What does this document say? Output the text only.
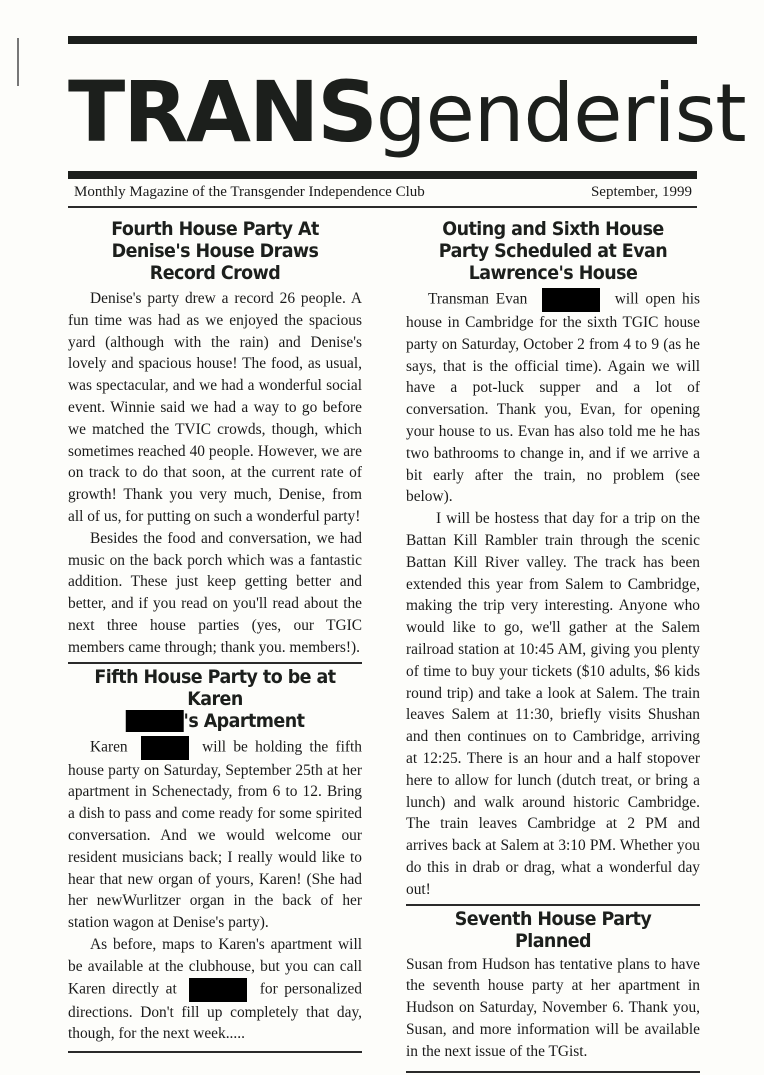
TRANSgenderist
Monthly Magazine of the Transgender Independence Club	September, 1999
Fourth House Party At Denise's House Draws Record Crowd

Denise's party drew a record 26 people. A fun time was had as we enjoyed the spacious yard (although with the rain) and Denise's lovely and spacious house! The food, as usual, was spectacular, and we had a wonderful social event. Winnie said we had a way to go before we matched the TVIC crowds, though, which sometimes reached 40 people. However, we are on track to do that soon, at the current rate of growth! Thank you very much, Denise, from all of us, for putting on such a wonderful party!

Besides the food and conversation, we had music on the back porch which was a fantastic addition. These just keep getting better and better, and if you read on you'll read about the next three house parties (yes, our TGIC members came through; thank you. members!).

Fifth House Party to be at Karen
's Apartment

Karen	will be holding the fifth house party on Saturday, September 25th at her apartment in Schenectady, from 6 to 12. Bring a dish to pass and come ready for some spirited conversation. And we would welcome our resident musicians back; I really would like to hear that new organ of yours, Karen! (She had her newWurlitzer organ in the back of her station wagon at Denise's party).

As before, maps to Karen's apartment will be available at the clubhouse, but you can call Karen directly at	for personalized directions. Don't fill up completely that day, though, for the next week.....

Outing and Sixth House Party Scheduled at Evan Lawrence's House

Transman Evan	will open his house in Cambridge for the sixth TGIC house party on Saturday, October 2 from 4 to 9 (as he says, that is the official time). Again we will have a pot-luck supper and a lot of conversation. Thank you, Evan, for opening your house to us. Evan has also told me he has two bathrooms to change in, and if we arrive a bit early after the train, no problem (see below).

I will be hostess that day for a trip on the Battan Kill Rambler train through the scenic Battan Kill River valley. The track has been extended this year from Salem to Cambridge, making the trip very interesting. Anyone who would like to go, we'll gather at the Salem railroad station at 10:45 AM, giving you plenty of time to buy your tickets ($10 adults, $6 kids round trip) and take a look at Salem. The train leaves Salem at 11:30, briefly visits Shushan and then continues on to Cambridge, arriving at 12:25. There is an hour and a half stopover here to allow for lunch (dutch treat, or bring a lunch) and walk around historic Cambridge. The train leaves Cambridge at 2 PM and arrives back at Salem at 3:10 PM. Whether you do this in drab or drag, what a wonderful day out!

Seventh House Party Planned

Susan from Hudson has tentative plans to have the seventh house party at her apartment in Hudson on Saturday, November 6. Thank you, Susan, and more information will be available in the next issue of the TGist.
